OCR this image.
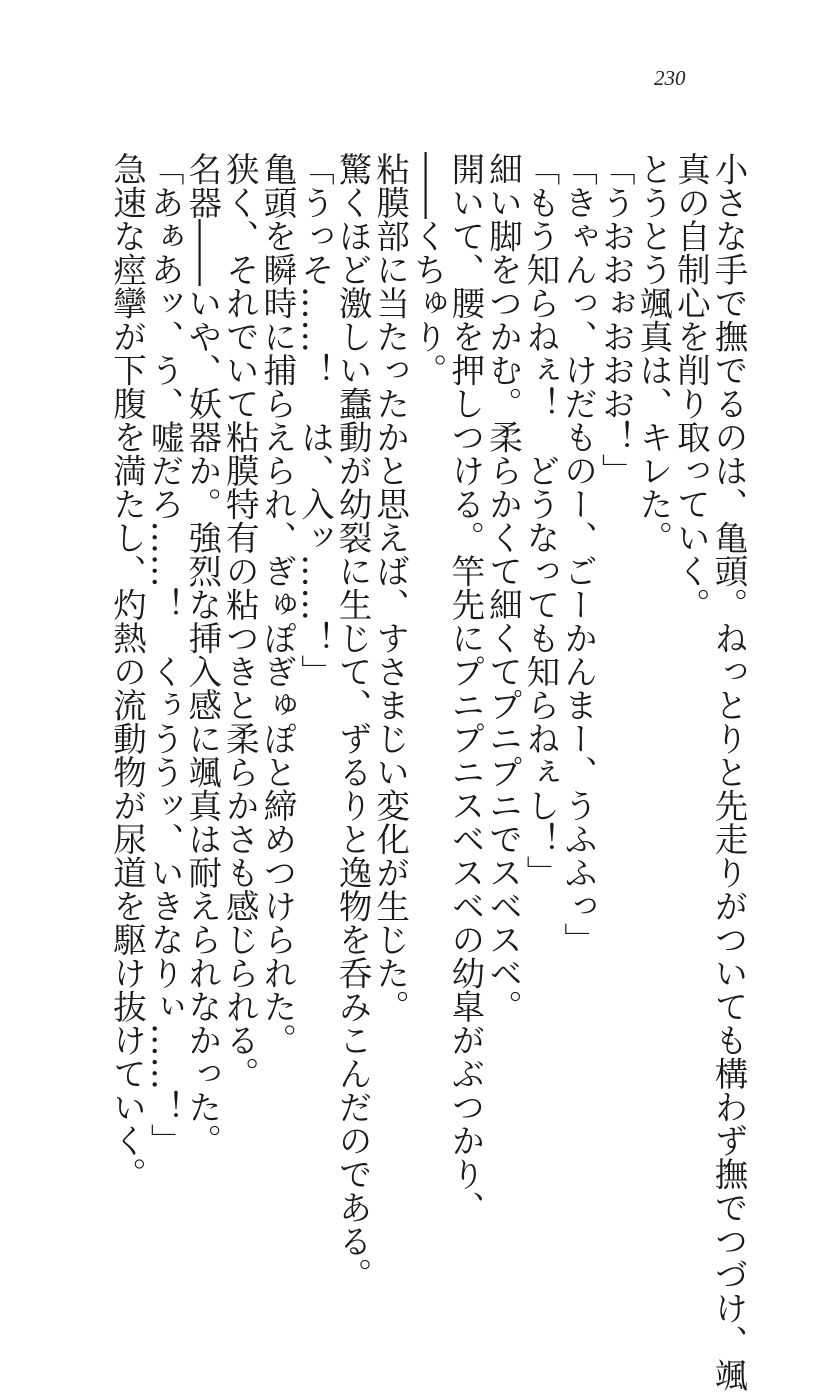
230
小さな手で撫でるのは、亀頭。ねっとりと先走りがついても構わず撫でつづけ、颯
真の自制心を削り取っていく。
とうとう颯真は、キレた。
「うおおぉおおお！」
「きゃんっ、けだものー、ごーかんまー、うふふっ」
「もう知らねぇ！　どうなっても知らねぇし！」
細い脚をつかむ。柔らかくて細くてプニプニでスベスベ。
開いて、腰を押しつける。竿先にプニプニスベスベの幼皐がぶつかり、
――くちゅり。
粘膜部に当たったかと思えば、すさまじい変化が生じた。
驚くほど激しい蠢動が幼裂に生じて、ずるりと逸物を呑みこんだのである。
「うっそ……！　は、入ッ……！」
亀頭を瞬時に捕らえられ、ぎゅぽぎゅぽと締めつけられた。
狭く、それでいて粘膜特有の粘つきと柔らかさも感じられる。
名器――いや、妖器か。強烈な挿入感に颯真は耐えられなかった。
「あぁあッ、う、嘘だろ……！　くぅううッ、いきなりぃ……！」
急速な痙攣が下腹を満たし、灼熱の流動物が尿道を駆け抜けていく。
